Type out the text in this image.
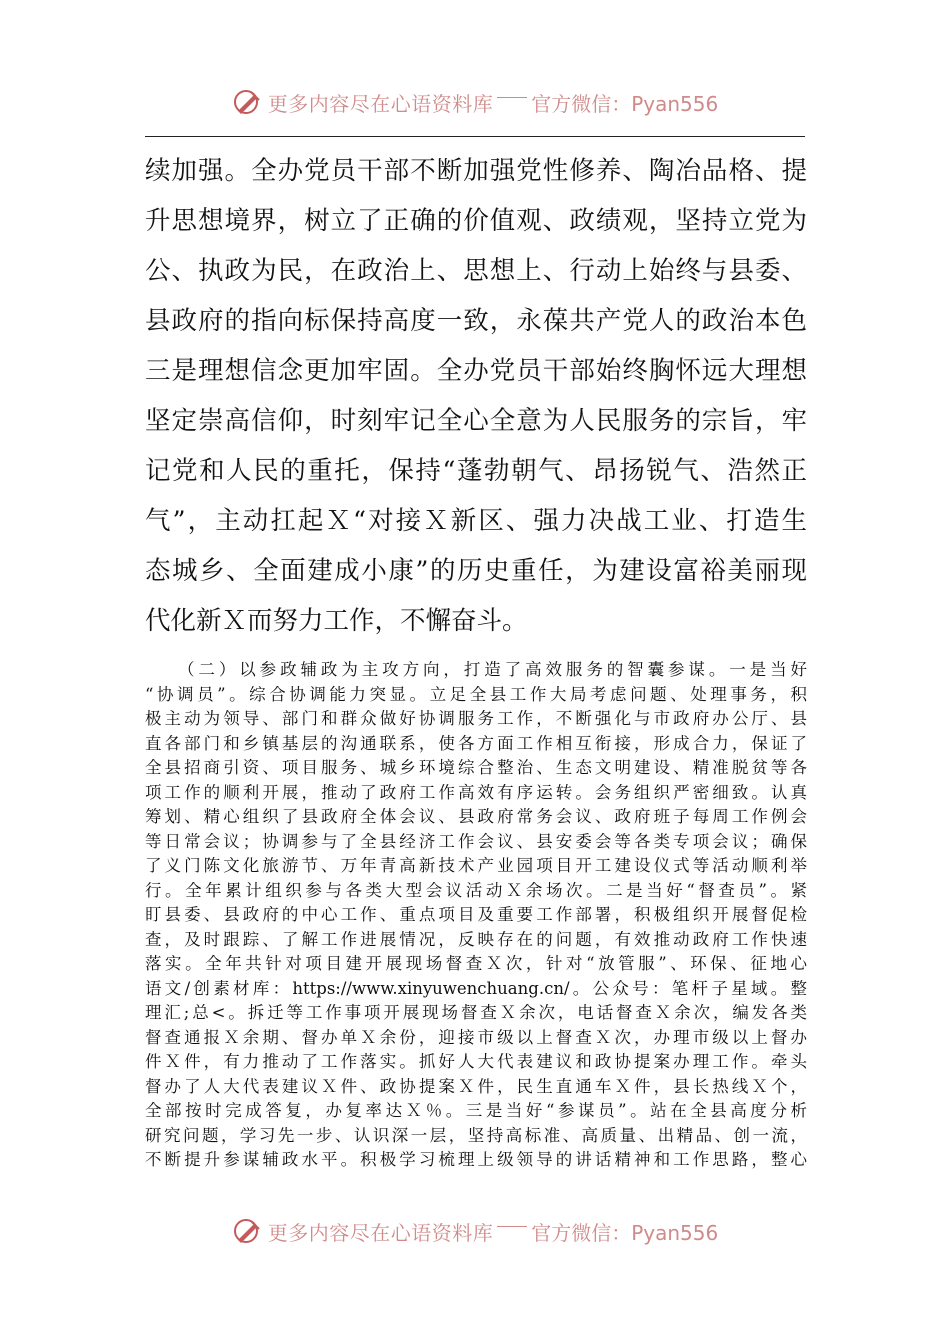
更多内容尽在心语资料库 官方微信：Pyan556
续加强。全办党员干部不断加强党性修养、陶冶品格、提
升思想境界，树立了正确的价值观、政绩观，坚持立党为
公、执政为民，在政治上、思想上、行动上始终与县委、
县政府的指向标保持高度一致，永葆共产党人的政治本色
三是理想信念更加牢固。全办党员干部始终胸怀远大理想
坚定崇高信仰，时刻牢记全心全意为人民服务的宗旨，牢
记党和人民的重托，保持“蓬勃朝气、昂扬锐气、浩然正
气”，主动扛起Ｘ“对接Ｘ新区、强力决战工业、打造生
态城乡、全面建成小康”的历史重任，为建设富裕美丽现
代化新Ｘ而努力工作，不懈奋斗。
（二）以参政辅政为主攻方向，打造了高效服务的智囊参谋。一是当好
“协调员”。综合协调能力突显。立足全县工作大局考虑问题、处理事务，积
极主动为领导、部门和群众做好协调服务工作，不断强化与市政府办公厅、县
直各部门和乡镇基层的沟通联系，使各方面工作相互衔接，形成合力，保证了
全县招商引资、项目服务、城乡环境综合整治、生态文明建设、精准脱贫等各
项工作的顺利开展，推动了政府工作高效有序运转。会务组织严密细致。认真
筹划、精心组织了县政府全体会议、县政府常务会议、政府班子每周工作例会
等日常会议；协调参与了全县经济工作会议、县安委会等各类专项会议；确保
了义门陈文化旅游节、万年青高新技术产业园项目开工建设仪式等活动顺利举
行。全年累计组织参与各类大型会议活动Ｘ余场次。二是当好“督查员”。紧
盯县委、县政府的中心工作、重点项目及重要工作部署，积极组织开展督促检
查，及时跟踪、了解工作进展情况，反映存在的问题，有效推动政府工作快速
落实。全年共针对项目建开展现场督查Ｘ次，针对“放管服”、环保、征地心
语文/创素材库：https://www.xinyuwenchuang.cn/。公众号：笔杆子星域。整
理汇;总<。拆迁等工作事项开展现场督查Ｘ余次，电话督查Ｘ余次，编发各类
督查通报Ｘ余期、督办单Ｘ余份，迎接市级以上督查Ｘ次，办理市级以上督办
件Ｘ件，有力推动了工作落实。抓好人大代表建议和政协提案办理工作。牵头
督办了人大代表建议Ｘ件、政协提案Ｘ件，民生直通车Ｘ件，县长热线Ｘ个，
全部按时完成答复，办复率达Ｘ％。三是当好“参谋员”。站在全县高度分析
研究问题，学习先一步、认识深一层，坚持高标准、高质量、出精品、创一流，
不断提升参谋辅政水平。积极学习梳理上级领导的讲话精神和工作思路，整心
更多内容尽在心语资料库 官方微信：Pyan556
